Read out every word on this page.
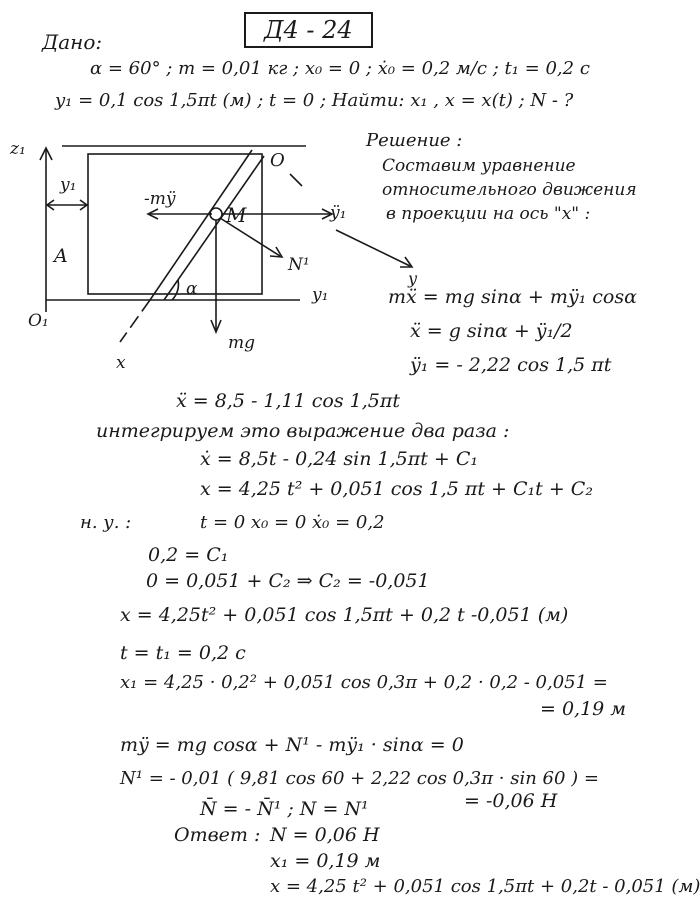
Дано:	Д4 - 24
α = 60° ; m = 0,01 кг ; x₀ = 0 ; ẋ₀ = 0,2 м/с ; t₁ = 0,2 c
y₁ = 0,1 cos 1,5πt (м) ; t = 0 ; Найти: x₁ , x = x(t) ; N - ?
z₁
y₁
-mÿ
M
O
A
O₁
y₁
α
x
mg
N¹
ÿ₁
y
Решение :
Составим уравнение
относительного движения
в проекции на ось "x" :
mẍ = mg sinα + mÿ₁ cosα
ẍ = g sinα + ÿ₁/2
ÿ₁ = - 2,22 cos 1,5 πt
ẍ = 8,5 - 1,11 cos 1,5πt
интегрируем это выражение два раза :
ẋ = 8,5t - 0,24 sin 1,5πt + C₁
x = 4,25 t² + 0,051 cos 1,5 πt + C₁t + C₂
н. у. :	t = 0 x₀ = 0 ẋ₀ = 0,2
0,2 = C₁
0 = 0,051 + C₂ ⇒ C₂ = -0,051
x = 4,25t² + 0,051 cos 1,5πt + 0,2 t -0,051 (м)
t = t₁ = 0,2 c
x₁ = 4,25 · 0,2² + 0,051 cos 0,3π + 0,2 · 0,2 - 0,051 =
= 0,19 м
mÿ = mg cosα + N¹ - mÿ₁ · sinα = 0
N¹ = - 0,01 ( 9,81 cos 60 + 2,22 cos 0,3π · sin 60 ) =
= -0,06 H
N̄ = - N̄¹ ; N = N¹
Ответ : N = 0,06 H
x₁ = 0,19 м
x = 4,25 t² + 0,051 cos 1,5πt + 0,2t - 0,051 (м)
